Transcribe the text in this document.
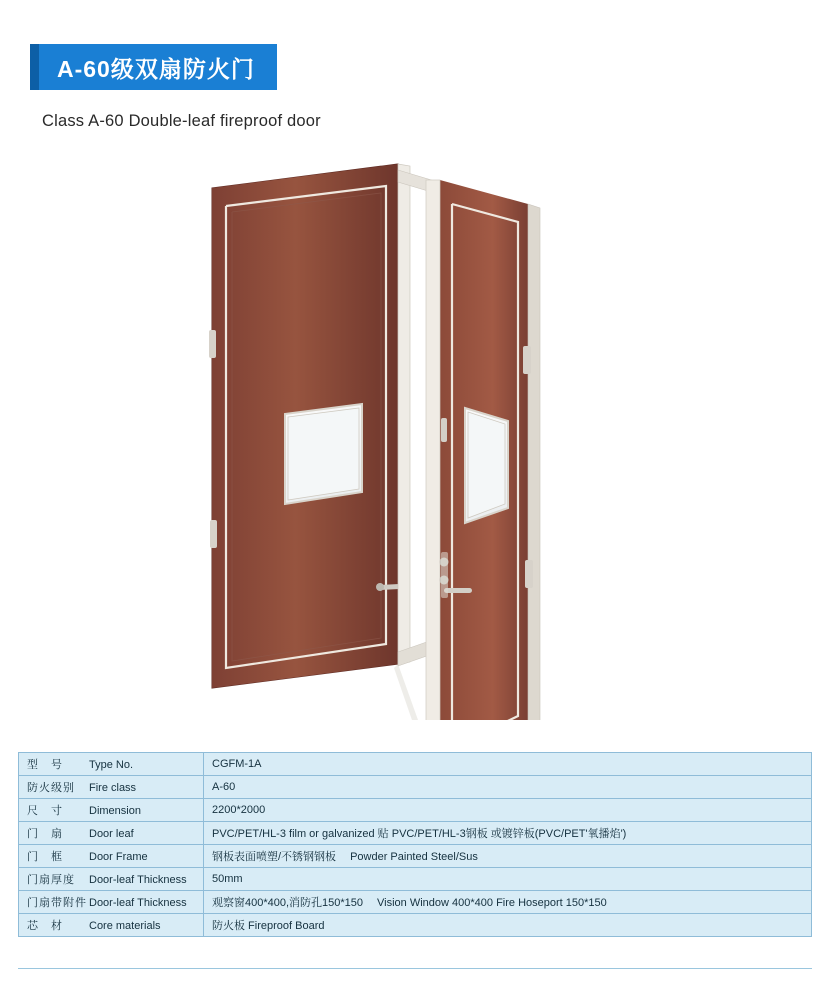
A-60级双扇防火门
Class A-60 Double-leaf fireproof door
型　号 Type No.	CGFM-1A
防火级别 Fire class	A-60
尺　寸 Dimension	2200*2000
门　扇 Door leaf	PVC/PET/HL-3 film or galvanized 贴 PVC/PET/HL-3钢板 或镀锌板(PVC/PET'氧播焰')
门　框 Door Frame	钢板表面喷塑/不锈钢钢板 Powder Painted Steel/Sus
门扇厚度 Door-leaf Thickness	50mm
门扇带附件 Door-leaf Thickness	观察窗400*400,消防孔150*150 Vision Window 400*400 Fire Hoseport 150*150
芯　材 Core materials	防火板 Fireproof Board
